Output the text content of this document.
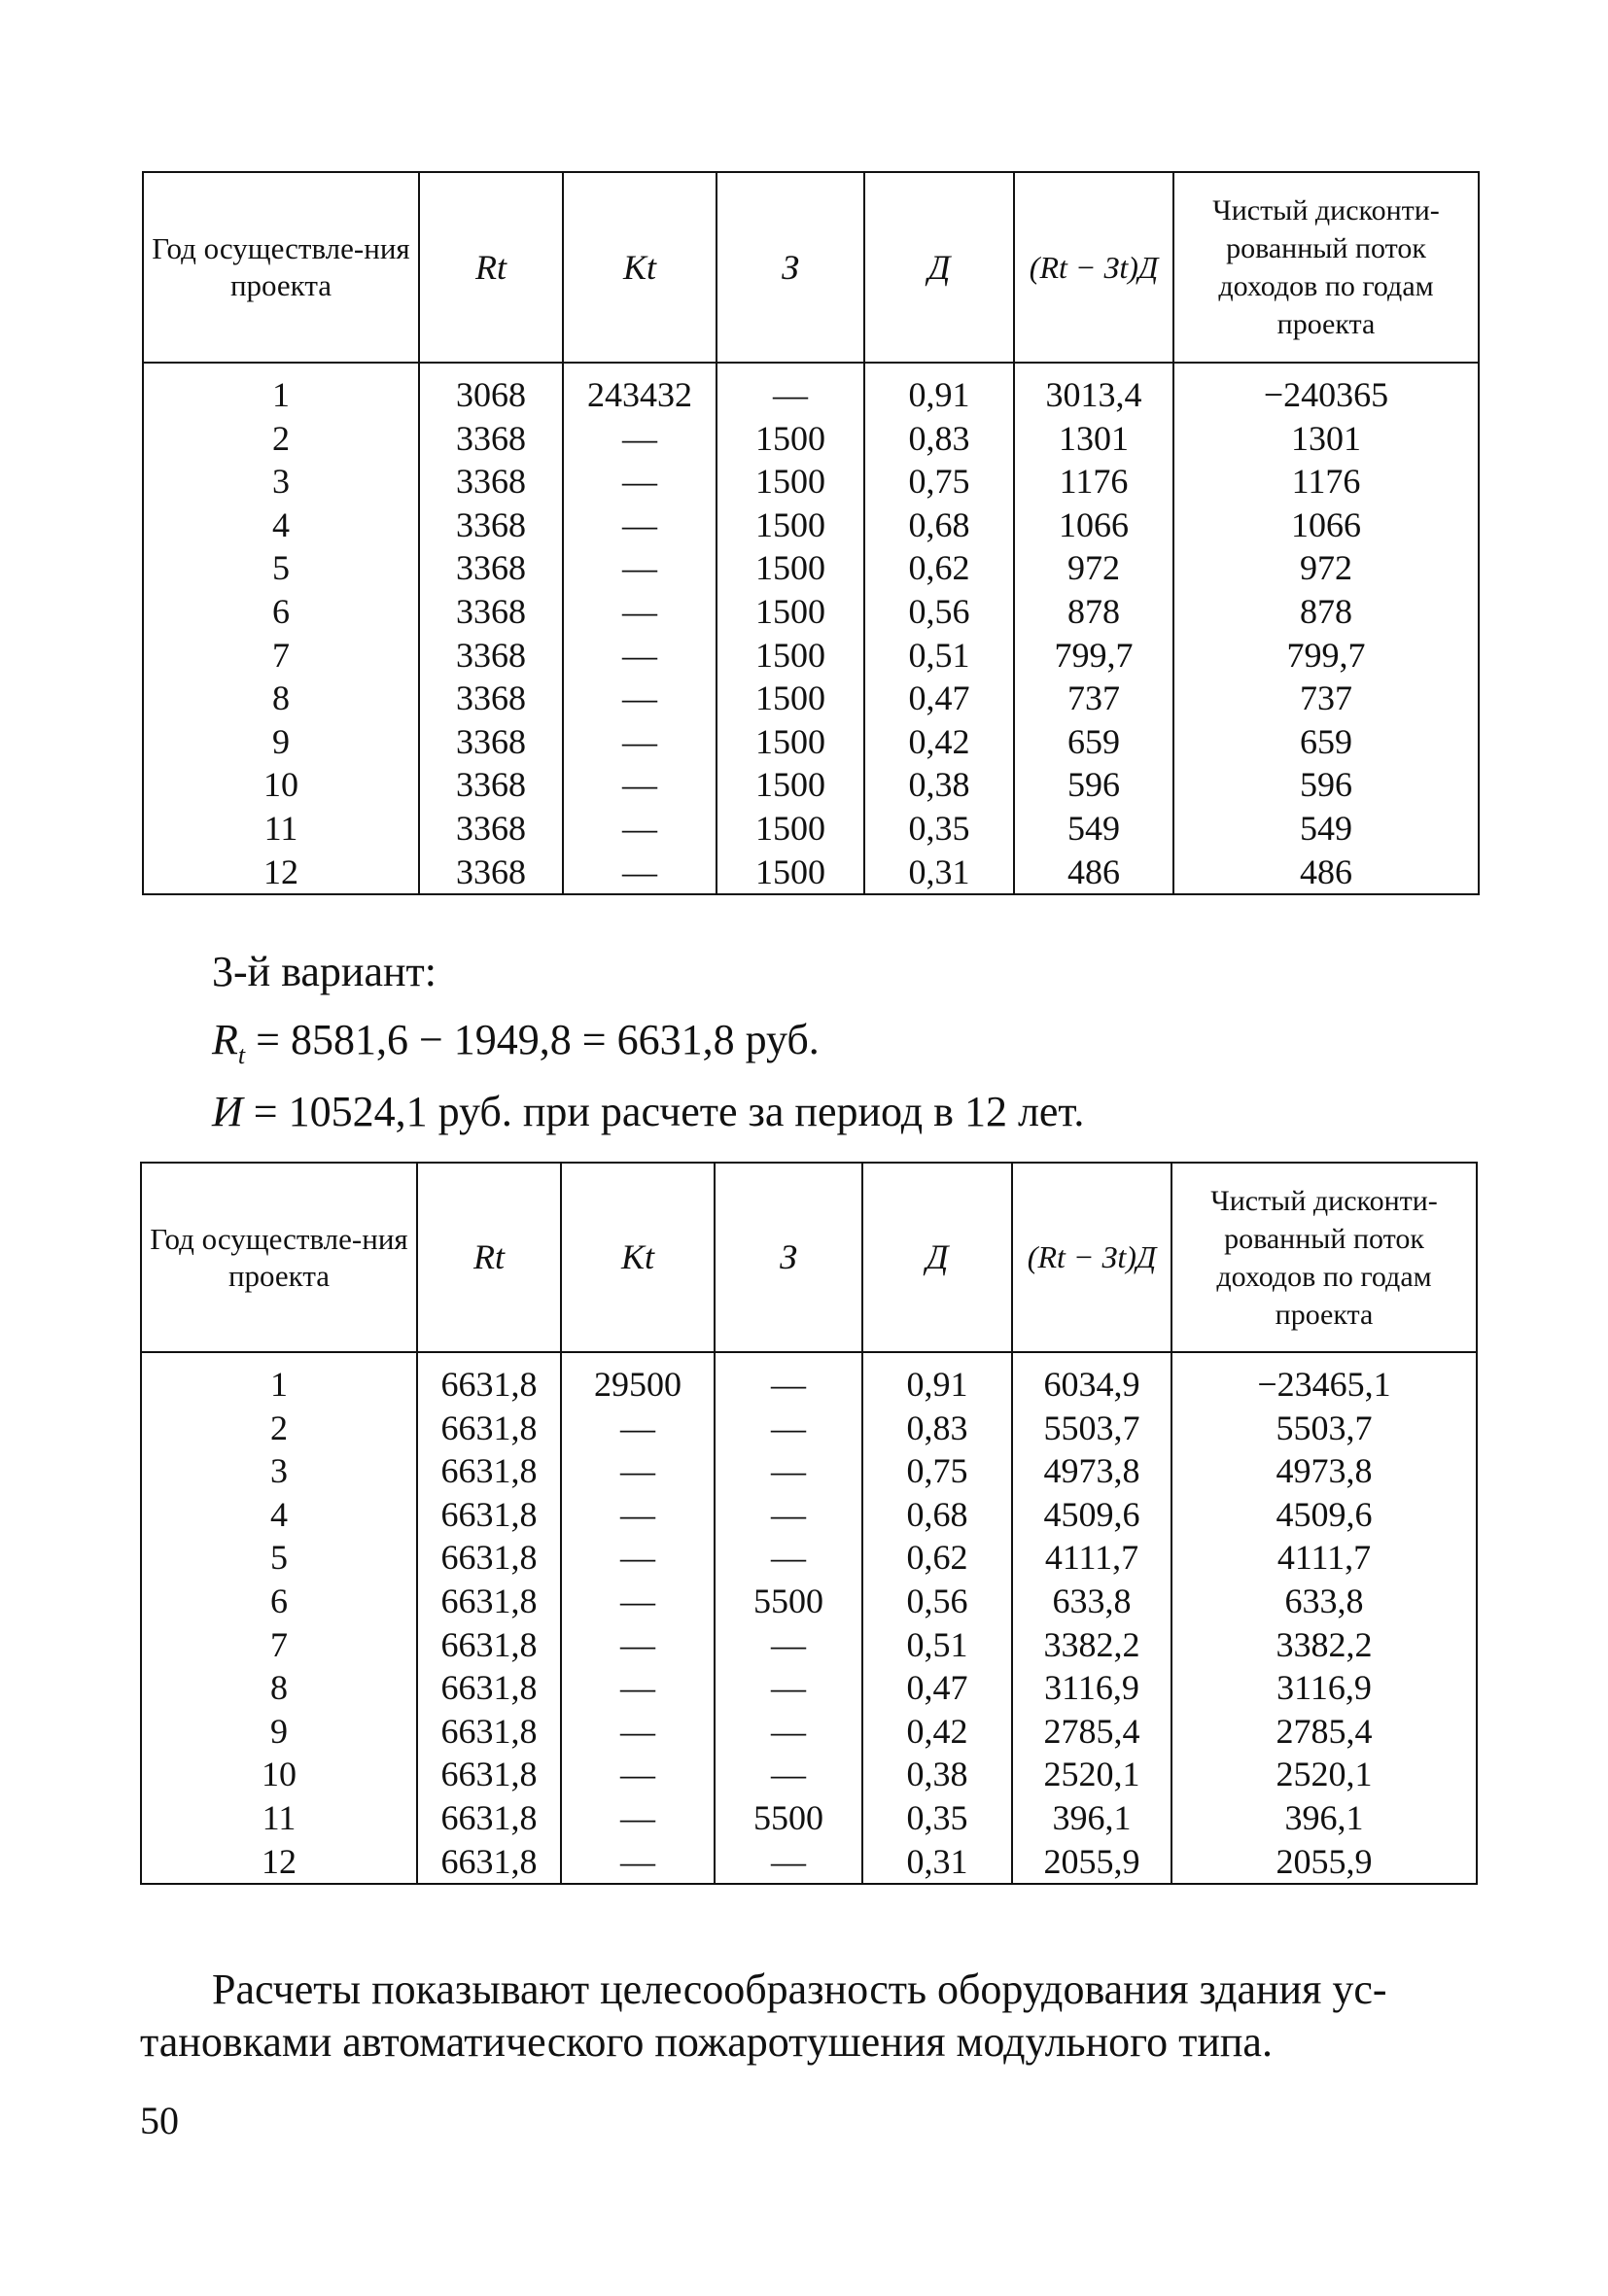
Год осуществле-ния проекта	Rt	Kt	З	Д	(Rt − Зt)Д	Чистый дисконти-рованный поток доходов по годам проекта
1	3068	243432	—	0,91	3013,4	−240365
2	3368	—	1500	0,83	1301	1301
3	3368	—	1500	0,75	1176	1176
4	3368	—	1500	0,68	1066	1066
5	3368	—	1500	0,62	972	972
6	3368	—	1500	0,56	878	878
7	3368	—	1500	0,51	799,7	799,7
8	3368	—	1500	0,47	737	737
9	3368	—	1500	0,42	659	659
10	3368	—	1500	0,38	596	596
11	3368	—	1500	0,35	549	549
12	3368	—	1500	0,31	486	486
3-й вариант:
$R_t = 8581,6 - 1949,8 = 6631,8$ руб.
И = 10524,1 руб. при расчете за период в 12 лет.
Год осуществле-ния проекта	Rt	Kt	З	Д	(Rt − Зt)Д	Чистый дисконти-рованный поток доходов по годам проекта
1	6631,8	29500	—	0,91	6034,9	−23465,1
2	6631,8	—	—	0,83	5503,7	5503,7
3	6631,8	—	—	0,75	4973,8	4973,8
4	6631,8	—	—	0,68	4509,6	4509,6
5	6631,8	—	—	0,62	4111,7	4111,7
6	6631,8	—	5500	0,56	633,8	633,8
7	6631,8	—	—	0,51	3382,2	3382,2
8	6631,8	—	—	0,47	3116,9	3116,9
9	6631,8	—	—	0,42	2785,4	2785,4
10	6631,8	—	—	0,38	2520,1	2520,1
11	6631,8	—	5500	0,35	396,1	396,1
12	6631,8	—	—	0,31	2055,9	2055,9
Расчеты показывают целесообразность оборудования здания ус-
тановками автоматического пожаротушения модульного типа.
50
